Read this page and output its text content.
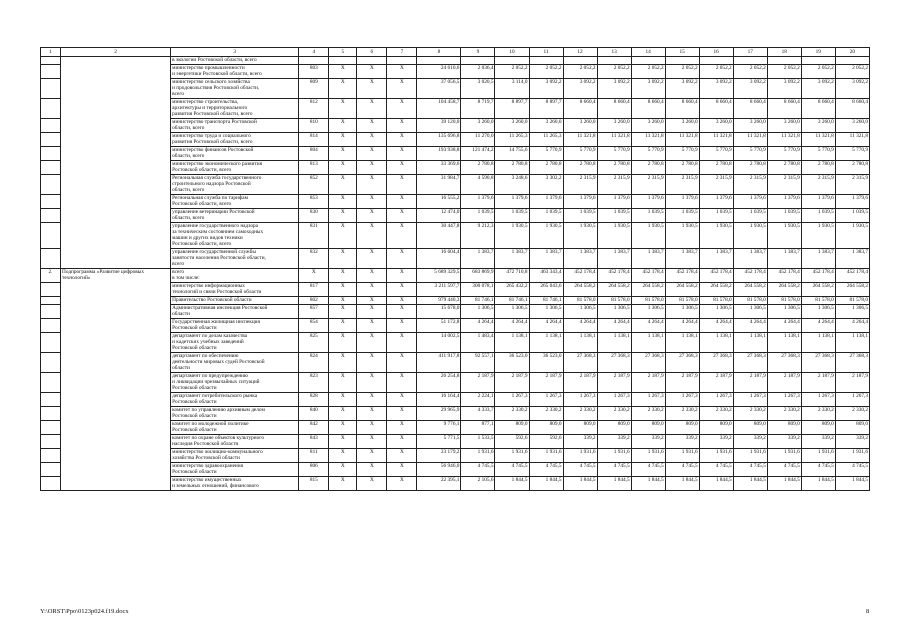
1	2	3	4	5	6	7	8	9	10	11	12	13	14	15	16	17	18	19	20
		в экологии Ростовской области, всего																	
		министерство промышленности
и энергетики Ростовской области, всего	803	Х	Х	Х	24 610,6	2 036,4	2 052,2	2 052,2	2 052,2	2 052,2	2 052,2	2 052,2	2 052,2	2 052,2	2 052,2	2 052,2	2 052,2
		министерство сельского хозяйства
и продовольствия Ростовской области,
всего	809	Х	Х	Х	37 056,5	3 020,5	3 114,0	3 092,2	3 092,2	3 092,2	3 092,2	3 092,2	3 092,2	3 092,2	3 092,2	3 092,2	3 092,2
		министерство строительства,
архитектуры и территориального
развития Ростовской области, всего	812	Х	Х	Х	104 458,7	8 719,7	8 897,7	8 897,7	8 660,4	8 660,4	8 660,4	8 660,4	8 660,4	8 660,4	8 660,4	8 660,4	8 660,4
		министерство транспорта Ростовской
области, всего	810	Х	Х	Х	39 120,0	3 260,0	3 260,0	3 260,0	3 260,0	3 260,0	3 260,0	3 260,0	3 260,0	3 260,0	3 260,0	3 260,0	3 260,0
		министерство труда и социального
развития Ростовской области, всего	814	Х	Х	Х	135 696,8	11 270,0	11 265,3	11 265,3	11 321,8	11 321,8	11 321,8	11 321,8	11 321,8	11 321,8	11 321,8	11 321,8	11 321,8
		министерство финансов Ростовской
области, всего	804	Х	Х	Х	193 938,8	121 474,2	14 755,6	5 770,9	5 770,9	5 770,9	5 770,9	5 770,9	5 770,9	5 770,9	5 770,9	5 770,9	5 770,9
		министерство экономического развития
Ростовской области, всего	813	Х	Х	Х	33 369,6	2 780,8	2 780,8	2 780,8	2 780,8	2 780,8	2 780,8	2 780,8	2 780,8	2 780,8	2 780,8	2 780,8	2 780,8
		Региональная служба государственного
строительного надзора Ростовской
области, всего	852	Х	Х	Х	31 984,7	4 590,8	3 248,6	3 302,2	2 315,9	2 315,9	2 315,9	2 315,9	2 315,9	2 315,9	2 315,9	2 315,9	2 315,9
		Региональная служба по тарифам
Ростовской области, всего	853	Х	Х	Х	16 555,2	1 379,6	1 379,6	1 379,6	1 379,6	1 379,6	1 379,6	1 379,6	1 379,6	1 379,6	1 379,6	1 379,6	1 379,6
		управление ветеринарии Ростовской
области, всего	830	Х	Х	Х	12 474,0	1 039,5	1 039,5	1 039,5	1 039,5	1 039,5	1 039,5	1 039,5	1 039,5	1 039,5	1 039,5	1 039,5	1 039,5
		управление государственного надзора
за техническим состоянием самоходных
машин и других видов техники
Ростовской области, всего	831	Х	Х	Х	30 447,8	9 212,3	1 930,5	1 930,5	1 930,5	1 930,5	1 930,5	1 930,5	1 930,5	1 930,5	1 930,5	1 930,5	1 930,5
		управление государственной службы
занятости населения Ростовской области,
всего	832	Х	Х	Х	16 604,4	1 383,7	1 383,7	1 383,7	1 383,7	1 383,7	1 383,7	1 383,7	1 383,7	1 383,7	1 383,7	1 383,7	1 383,7
2.	Подпрограмма «Развитие цифровых технологий»	всего
в том числе:	Х	Х	Х	Х	5 689 329,5	683 869,9	472 710,8	463 343,4	452 178,4	452 178,4	452 178,4	452 178,4	452 178,4	452 178,4	452 178,4	452 178,4	452 178,4
		министерство информационных
технологий и связи Ростовской области	817	Х	Х	Х	3 211 597,7	300 078,1	265 432,2	265 043,6	264 558,2	264 558,2	264 558,2	264 558,2	264 558,2	264 558,2	264 558,2	264 558,2	264 558,2
		Правительство Ростовской области	802	Х	Х	Х	979 440,3	81 746,1	81 746,1	81 746,1	81 578,0	81 578,0	81 578,0	81 578,0	81 578,0	81 578,0	81 578,0	81 578,0	81 578,0
		Административная инспекция Ростовской
области	857	Х	Х	Х	15 678,0	1 306,5	1 306,5	1 306,5	1 306,5	1 306,5	1 306,5	1 306,5	1 306,5	1 306,5	1 306,5	1 306,5	1 306,5
		Государственная жилищная инспекция
Ростовской области	854	Х	Х	Х	51 172,8	4 264,4	4 264,4	4 264,4	4 264,4	4 264,4	4 264,4	4 264,4	4 264,4	4 264,4	4 264,4	4 264,4	4 264,4
		департамент по делам казачества
и кадетских учебных заведений
Ростовской области	825	Х	Х	Х	14 002,5	1 483,4	1 138,1	1 138,1	1 138,1	1 138,1	1 138,1	1 138,1	1 138,1	1 138,1	1 138,1	1 138,1	1 138,1
		департамент по обеспечению
деятельности мировых судей Ростовской
области	824	Х	Х	Х	411 917,8	92 557,1	36 523,0	36 523,0	27 368,3	27 368,3	27 368,3	27 368,3	27 368,3	27 368,3	27 368,3	27 368,3	27 368,3
		департамент по предупреждению
и ликвидации чрезвычайных ситуаций
Ростовской области	823	Х	Х	Х	26 254,8	2 187,9	2 187,9	2 187,9	2 187,9	2 187,9	2 187,9	2 187,9	2 187,9	2 187,9	2 187,9	2 187,9	2 187,9
		департамент потребительского рынка
Ростовской области	828	Х	Х	Х	16 164,4	2 224,1	1 267,3	1 267,3	1 267,3	1 267,3	1 267,3	1 267,3	1 267,3	1 267,3	1 267,3	1 267,3	1 267,3
		комитет по управлению архивным делом
Ростовской области	840	Х	Х	Х	29 965,9	4 333,7	2 330,2	2 330,2	2 330,2	2 330,2	2 330,2	2 330,2	2 330,2	2 330,2	2 330,2	2 330,2	2 330,2
		комитет по молодежной политике
Ростовской области	842	Х	Х	Х	9 776,1	877,1	809,0	809,0	809,0	809,0	809,0	809,0	809,0	809,0	809,0	809,0	809,0
		комитет по охране объектов культурного
наследия Ростовской области	843	Х	Х	Х	5 771,5	1 533,5	592,6	592,6	339,2	339,2	339,2	339,2	339,2	339,2	339,2	339,2	339,2
		министерство жилищно-коммунального
хозяйства Ростовской области	811	Х	Х	Х	23 179,2	1 931,6	1 931,6	1 931,6	1 931,6	1 931,6	1 931,6	1 931,6	1 931,6	1 931,6	1 931,6	1 931,6	1 931,6
		министерство здравоохранения
Ростовской области	806	Х	Х	Х	56 946,0	4 745,5	4 745,5	4 745,5	4 745,5	4 745,5	4 745,5	4 745,5	4 745,5	4 745,5	4 745,5	4 745,5	4 745,5
		министерство имущественных
и земельных отношений, финансового	815	Х	Х	Х	22 395,1	2 105,6	1 844,5	1 844,5	1 844,5	1 844,5	1 844,5	1 844,5	1 844,5	1 844,5	1 844,5	1 844,5	1 844,5
Y:\ORST\Ppo\0123p024.f19.docx	8
